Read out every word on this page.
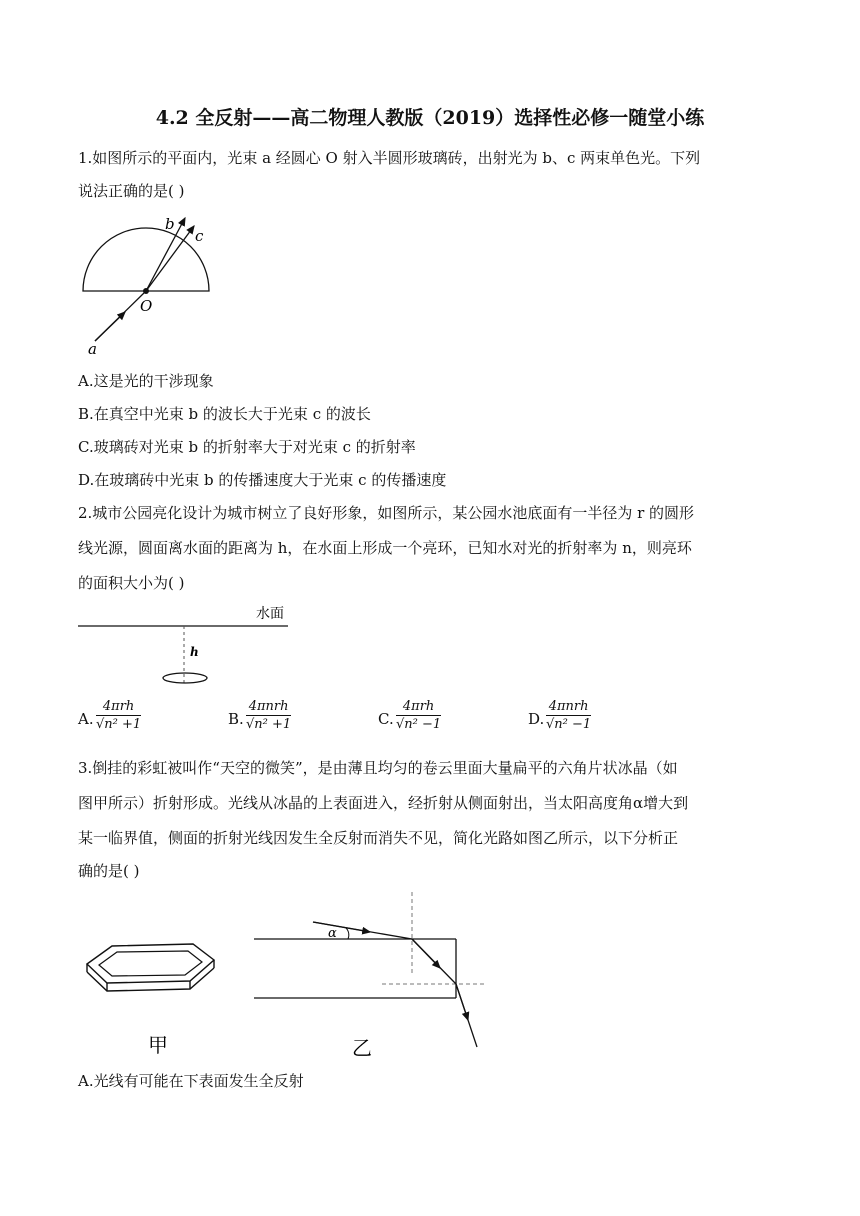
4.2 全反射——高二物理人教版（2019）选择性必修一随堂小练
1.如图所示的平面内，光束 a 经圆心 O 射入半圆形玻璃砖，出射光为 b、c 两束单色光。下列
说法正确的是( )
a
b
c
O
A.这是光的干涉现象
B.在真空中光束 b 的波长大于光束 c 的波长
C.玻璃砖对光束 b 的折射率大于对光束 c 的折射率
D.在玻璃砖中光束 b 的传播速度大于光束 c 的传播速度
2.城市公园亮化设计为城市树立了良好形象，如图所示，某公园水池底面有一半径为 r 的圆形
线光源，圆面离水面的距离为 h，在水面上形成一个亮环，已知水对光的折射率为 n，则亮环
的面积大小为( )
水面
h
A.
4πrh
√n² +1	B.
4πnrh
√n² +1	C.
4πrh
√n² −1	D.
4πnrh
√n² −1
3.倒挂的彩虹被叫作“天空的微笑”，是由薄且均匀的卷云里面大量扁平的六角片状冰晶（如
图甲所示）折射形成。光线从冰晶的上表面进入，经折射从侧面射出，当太阳高度角α增大到
某一临界值，侧面的折射光线因发生全反射而消失不见，简化光路如图乙所示，以下分析正
确的是( )
甲
α
乙
A.光线有可能在下表面发生全反射
